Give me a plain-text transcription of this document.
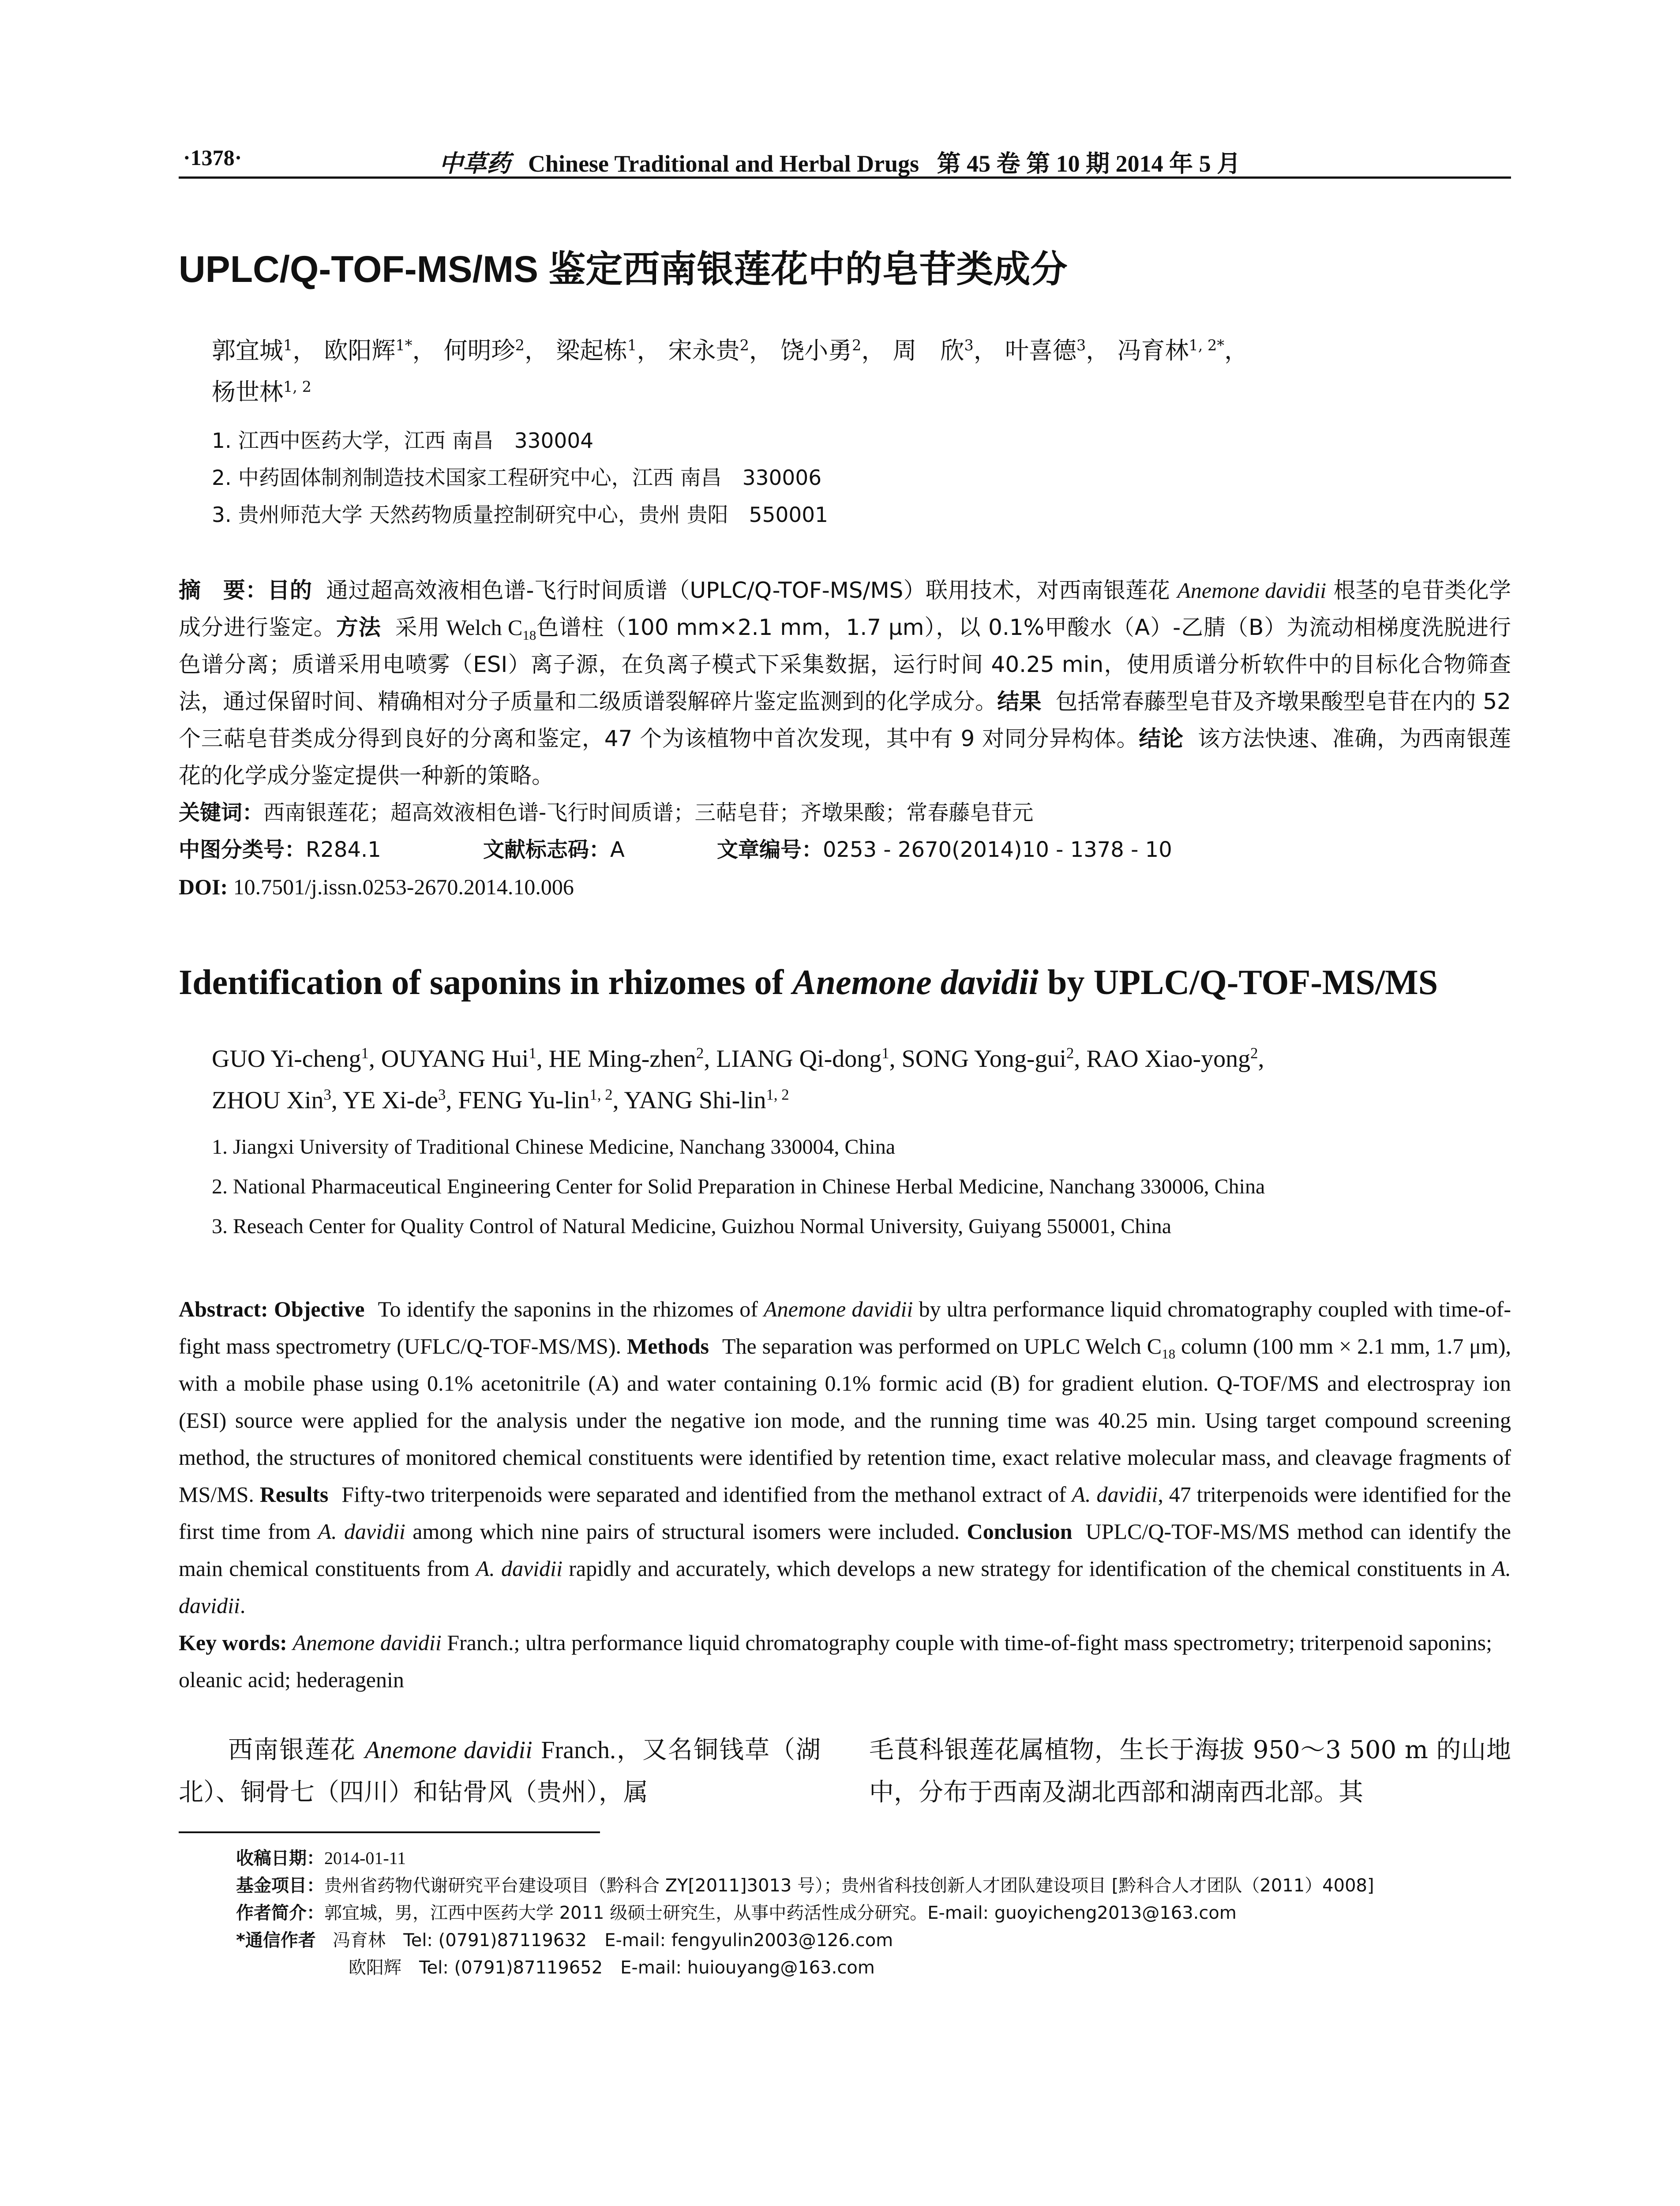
·1378·	中草药 Chinese Traditional and Herbal Drugs 第 45 卷 第 10 期 2014 年 5 月
UPLC/Q-TOF-MS/MS 鉴定西南银莲花中的皂苷类成分
郭宜城$^1$， 欧阳辉$^{1*}$， 何明珍$^2$， 梁起栋$^1$， 宋永贵$^2$， 饶小勇$^2$， 周　欣$^3$， 叶喜德$^3$， 冯育林$^{1, 2*}$，
杨世林$^{1, 2}$
1. 江西中医药大学，江西 南昌　330004
2. 中药固体制剂制造技术国家工程研究中心，江西 南昌　330006
3. 贵州师范大学 天然药物质量控制研究中心，贵州 贵阳　550001
摘　要：目的 通过超高效液相色谱-飞行时间质谱（UPLC/Q-TOF-MS/MS）联用技术，对西南银莲花 Anemone davidii 根茎的皂苷类化学成分进行鉴定。方法 采用 Welch $C_{18}$色谱柱（100 mm×2.1 mm，1.7 μm），以 0.1%甲酸水（A）-乙腈（B）为流动相梯度洗脱进行色谱分离；质谱采用电喷雾（ESI）离子源，在负离子模式下采集数据，运行时间 40.25 min，使用质谱分析软件中的目标化合物筛查法，通过保留时间、精确相对分子质量和二级质谱裂解碎片鉴定监测到的化学成分。结果 包括常春藤型皂苷及齐墩果酸型皂苷在内的 52 个三萜皂苷类成分得到良好的分离和鉴定，47 个为该植物中首次发现，其中有 9 对同分异构体。结论 该方法快速、准确，为西南银莲花的化学成分鉴定提供一种新的策略。
关键词：西南银莲花；超高效液相色谱-飞行时间质谱；三萜皂苷；齐墩果酸；常春藤皂苷元
中图分类号：R284.1	文献标志码：A	文章编号：0253 - 2670(2014)10 - 1378 - 10
DOI: 10.7501/j.issn.0253-2670.2014.10.006
Identification of saponins in rhizomes of Anemone davidii by UPLC/Q-TOF-MS/MS
GUO Yi-cheng$^1$, OUYANG Hui$^1$, HE Ming-zhen$^2$, LIANG Qi-dong$^1$, SONG Yong-gui$^2$, RAO Xiao-yong$^2$,
ZHOU Xin$^3$, YE $Xi-de^3$, FENG Yu-lin$^{1, 2}$, YANG Shi-lin$^{1, 2}$
1. Jiangxi University of Traditional Chinese Medicine, Nanchang 330004, China
2. National Pharmaceutical Engineering Center for Solid Preparation in Chinese Herbal Medicine, Nanchang 330006, China
3. Reseach Center for Quality Control of Natural Medicine, Guizhou Normal University, Guiyang 550001, China
Abstract: Objective To identify the saponins in the rhizomes of Anemone davidii by ultra performance liquid chromatography coupled with time-of-fight mass spectrometry (UFLC/Q-TOF-MS/MS). Methods The separation was performed on UPLC Welch $C_{18}$ column (100 mm × 2.1 mm, 1.7 μm), with a mobile phase using 0.1% acetonitrile (A) and water containing 0.1% formic acid (B) for gradient elution. Q-TOF/MS and electrospray ion (ESI) source were applied for the analysis under the negative ion mode, and the running time was 40.25 min. Using target compound screening method, the structures of monitored chemical constituents were identified by retention time, exact relative molecular mass, and cleavage fragments of MS/MS. Results Fifty-two triterpenoids were separated and identified from the methanol extract of A. davidii, 47 triterpenoids were identified for the first time from A. davidii among which nine pairs of structural isomers were included. Conclusion UPLC/Q-TOF-MS/MS method can identify the main chemical constituents from A. davidii rapidly and accurately, which develops a new strategy for identification of the chemical constituents in A. davidii.
Key words: Anemone davidii Franch.; ultra performance liquid chromatography couple with time-of-fight mass spectrometry; triterpenoid saponins; oleanic acid; hederagenin
西南银莲花 Anemone davidii Franch.，又名铜钱草（湖北）、铜骨七（四川）和钻骨风（贵州），属
毛茛科银莲花属植物，生长于海拔 950～3 500 m 的山地中，分布于西南及湖北西部和湖南西北部。其
收稿日期：2014-01-11
基金项目：贵州省药物代谢研究平台建设项目（黔科合 ZY[2011]3013 号）；贵州省科技创新人才团队建设项目 [黔科合人才团队（2011）4008]
作者简介：郭宜城，男，江西中医药大学 2011 级硕士研究生，从事中药活性成分研究。E-mail: guoyicheng2013@163.com
*通信作者 冯育林　Tel: (0791)87119632　E-mail: fengyulin2003@126.com
欧阳辉　Tel: (0791)87119652　E-mail: huiouyang@163.com
